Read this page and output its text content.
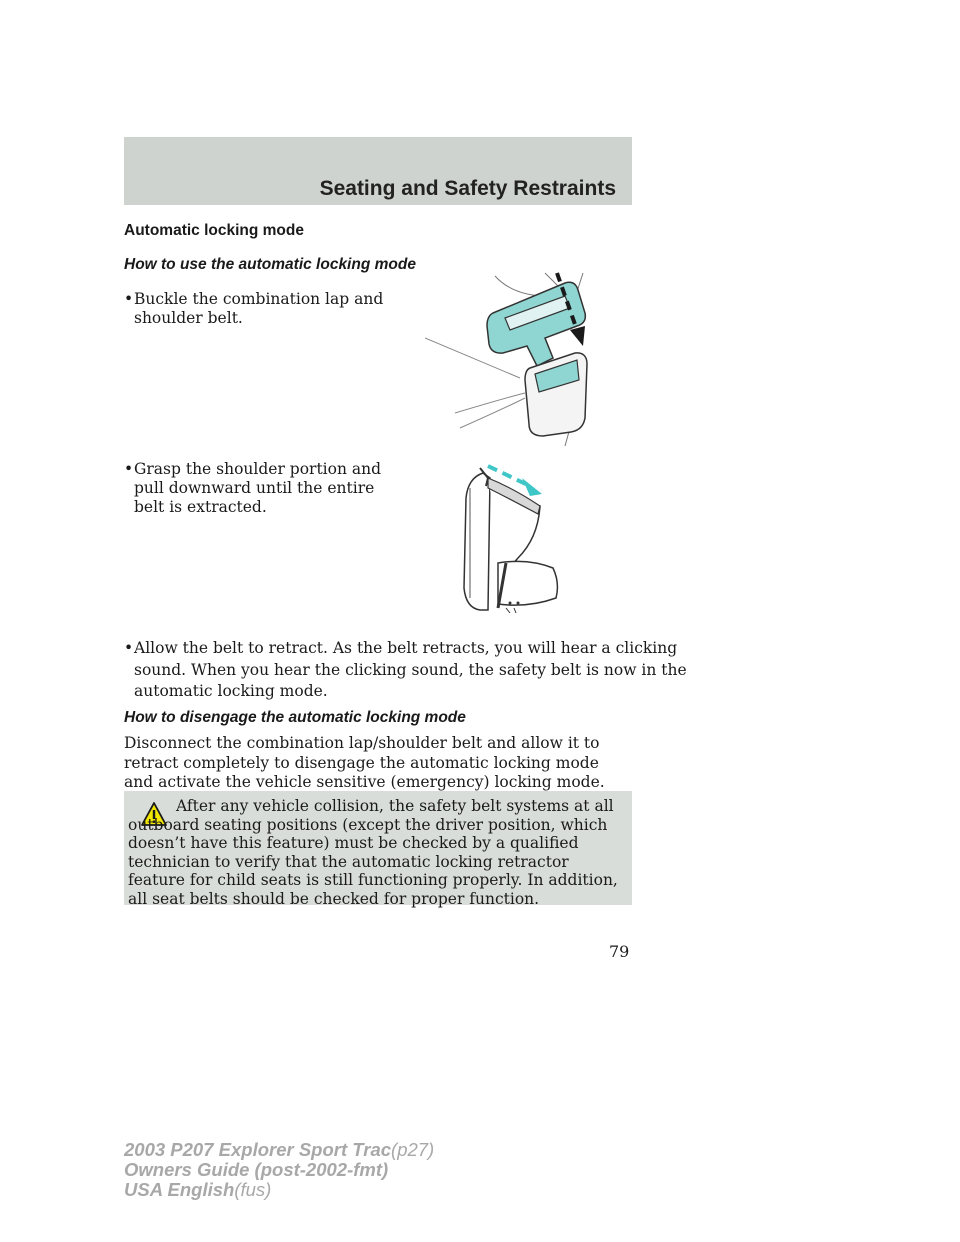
Seating and Safety Restraints
Automatic locking mode
How to use the automatic locking mode
• Buckle the combination lap and
shoulder belt.
• Grasp the shoulder portion and
pull downward until the entire
belt is extracted.
• Allow the belt to retract. As the belt retracts, you will hear a clicking
sound. When you hear the clicking sound, the safety belt is now in the
automatic locking mode.
How to disengage the automatic locking mode
Disconnect the combination lap/shoulder belt and allow it to retract completely to disengage the automatic locking mode and activate the vehicle sensitive (emergency) locking mode.
After any vehicle collision, the safety belt systems at all outboard seating positions (except the driver position, which doesn’t have this feature) must be checked by a qualified technician to verify that the automatic locking retractor feature for child seats is still functioning properly. In addition, all seat belts should be checked for proper function.
79
2003 P207 Explorer Sport Trac(p27)
Owners Guide (post-2002-fmt)
USA English(fus)
